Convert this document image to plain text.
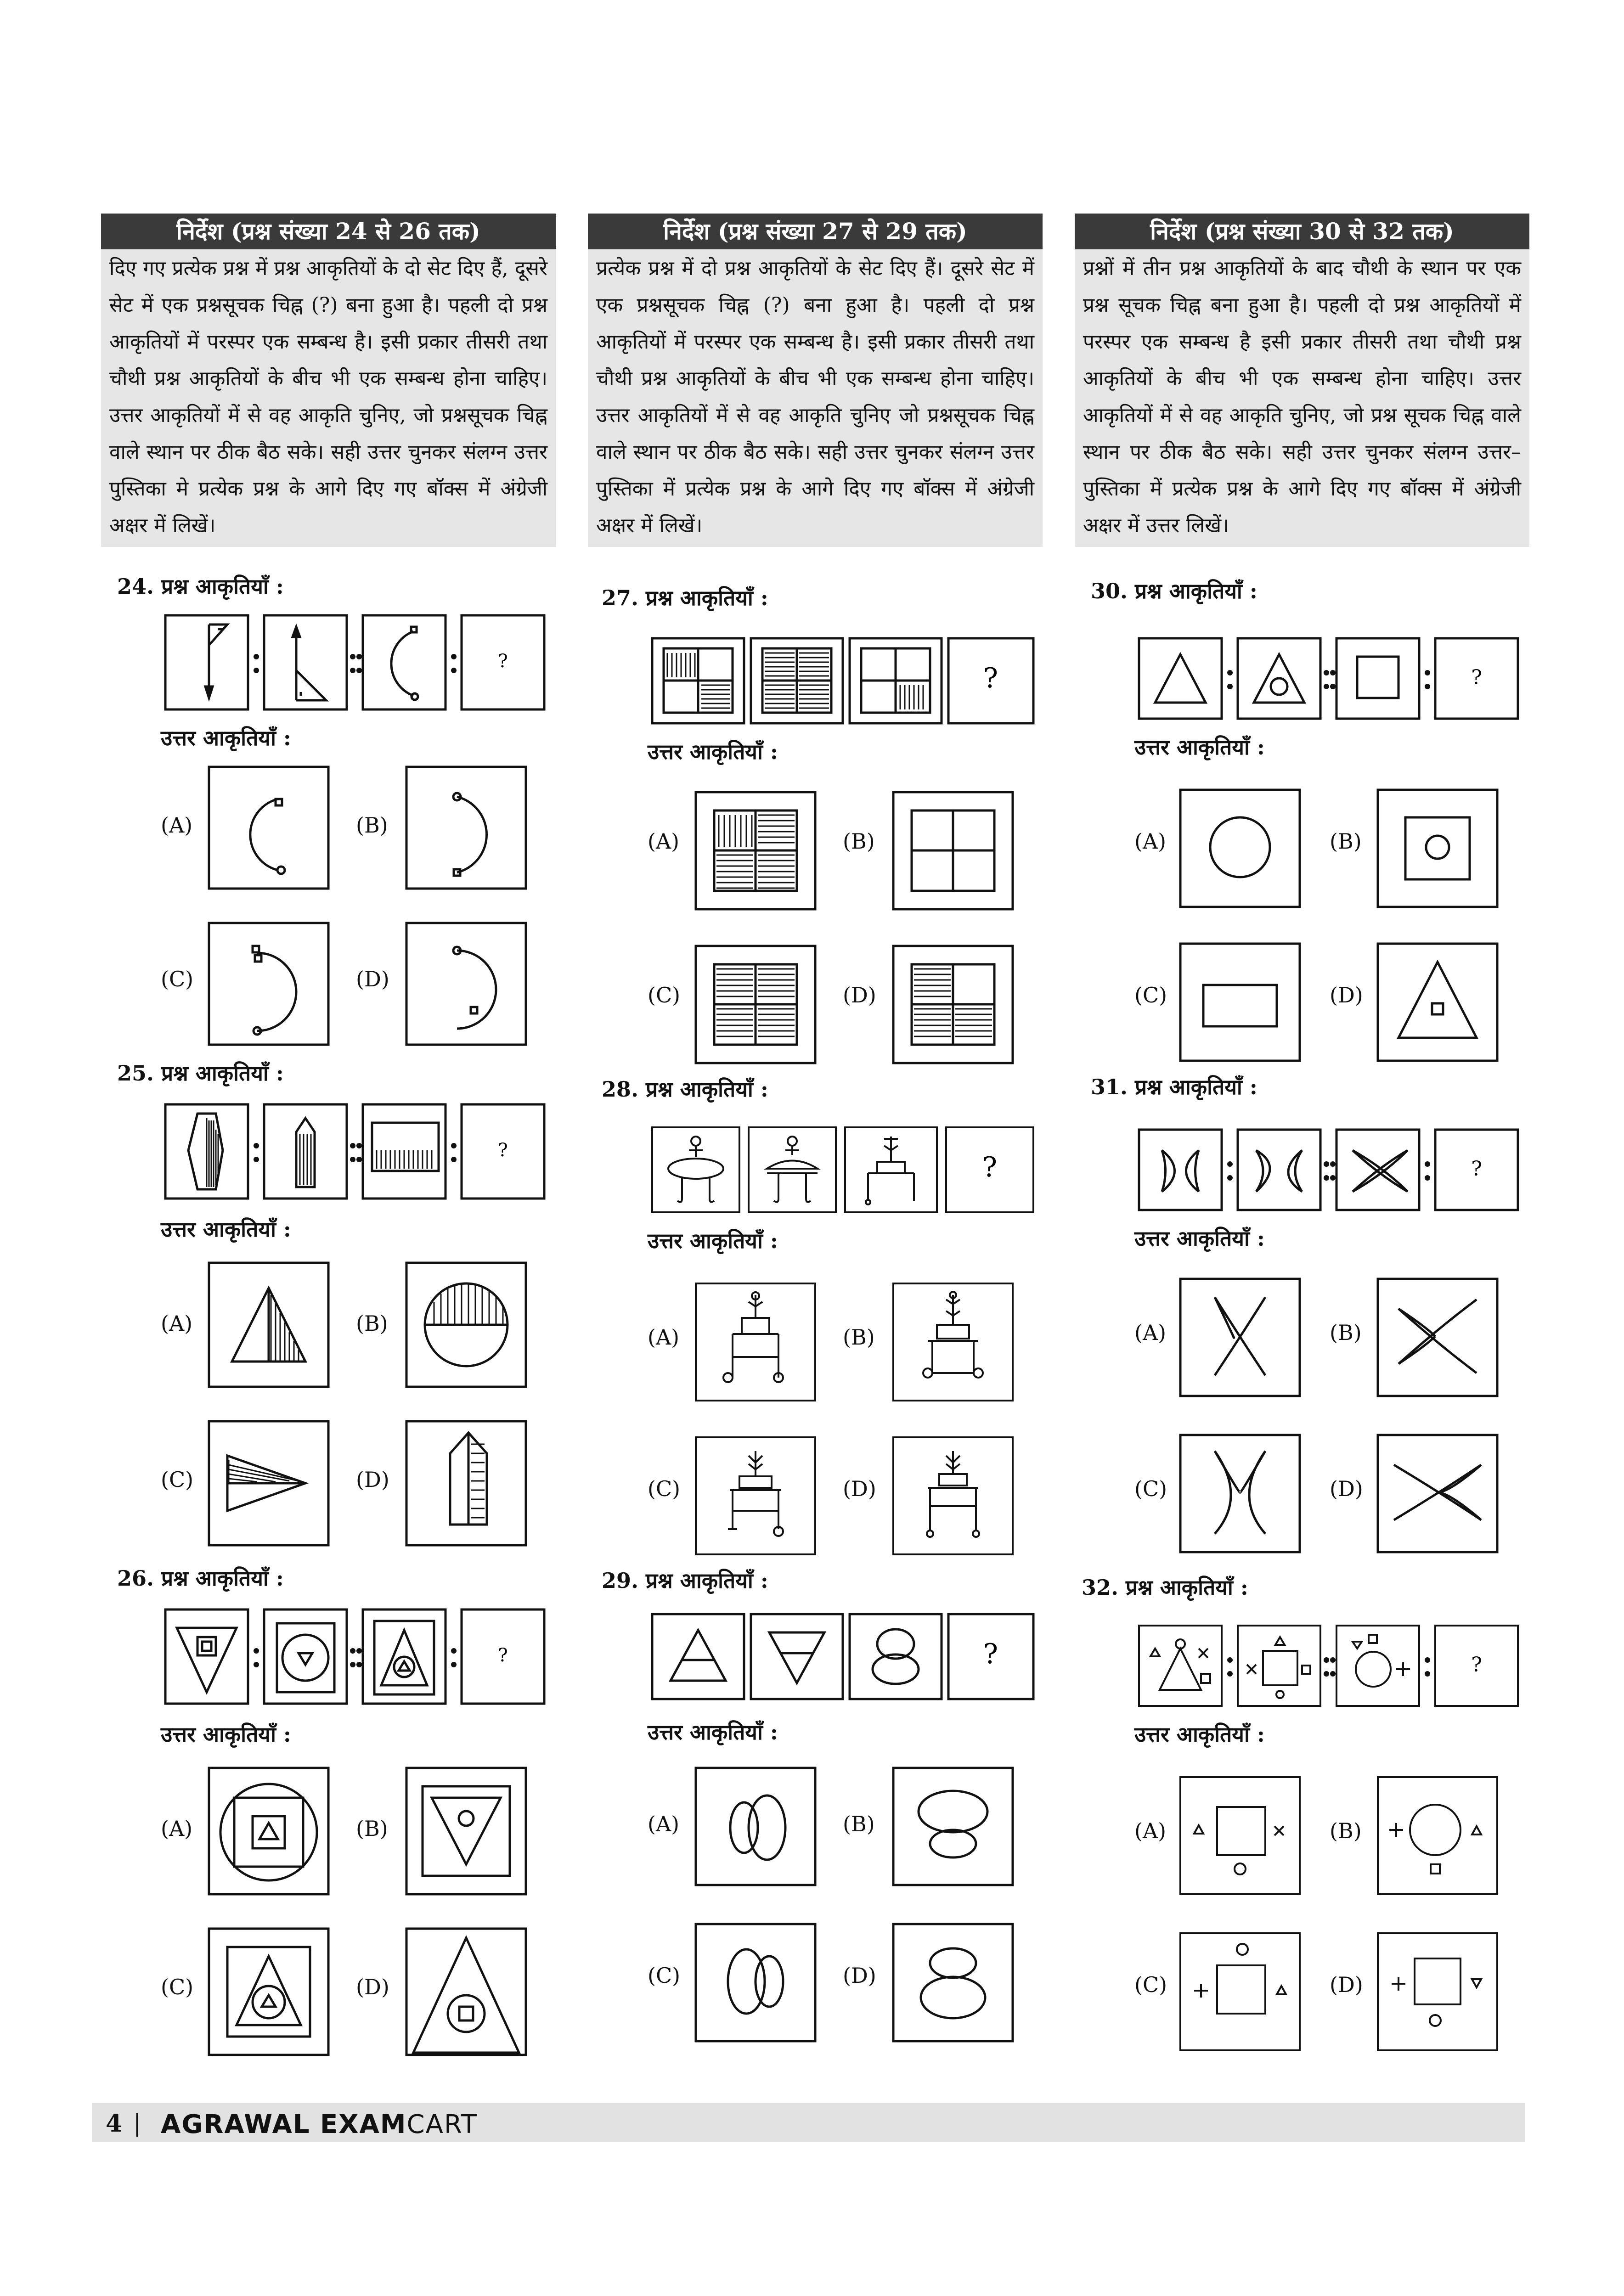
निर्देश (प्रश्न संख्या 24 से 26 तक)
दिए गए प्रत्येक प्रश्न में प्रश्न आकृतियों के दो सेट दिए हैं, दूसरे सेट में एक प्रश्नसूचक चिह्न (?) बना हुआ है। पहली दो प्रश्न आकृतियों में परस्पर एक सम्बन्ध है। इसी प्रकार तीसरी तथा चौथी प्रश्न आकृतियों के बीच भी एक सम्बन्ध होना चाहिए। उत्तर आकृतियों में से वह आकृति चुनिए, जो प्रश्नसूचक चिह्न वाले स्थान पर ठीक बैठ सके। सही उत्तर चुनकर संलग्न उत्तर पुस्तिका मे प्रत्येक प्रश्न के आगे दिए गए बॉक्स में अंग्रेजी अक्षर में लिखें।
निर्देश (प्रश्न संख्या 27 से 29 तक)
प्रत्येक प्रश्न में दो प्रश्न आकृतियों के सेट दिए हैं। दूसरे सेट में एक प्रश्नसूचक चिह्न (?) बना हुआ है। पहली दो प्रश्न आकृतियों में परस्पर एक सम्बन्ध है। इसी प्रकार तीसरी तथा चौथी प्रश्न आकृतियों के बीच भी एक सम्बन्ध होना चाहिए। उत्तर आकृतियों में से वह आकृति चुनिए जो प्रश्नसूचक चिह्न वाले स्थान पर ठीक बैठ सके। सही उत्तर चुनकर संलग्न उत्तर पुस्तिका में प्रत्येक प्रश्न के आगे दिए गए बॉक्स में अंग्रेजी अक्षर में लिखें।
निर्देश (प्रश्न संख्या 30 से 32 तक)
प्रश्नों में तीन प्रश्न आकृतियों के बाद चौथी के स्थान पर एक प्रश्न सूचक चिह्न बना हुआ है। पहली दो प्रश्न आकृतियों में परस्पर एक सम्बन्ध है इसी प्रकार तीसरी तथा चौथी प्रश्न आकृतियों के बीच भी एक सम्बन्ध होना चाहिए। उत्तर आकृतियों में से वह आकृति चुनिए, जो प्रश्न सूचक चिह्न वाले स्थान पर ठीक बैठ सके। सही उत्तर चुनकर संलग्न उत्तर–पुस्तिका में प्रत्येक प्रश्न के आगे दिए गए बॉक्स में अंग्रेजी अक्षर में उत्तर लिखें।
24. प्रश्न आकृतियाँ :
?
उत्तर आकृतियाँ :
(A)	(B)
(C)	(D)
25. प्रश्न आकृतियाँ :
?
उत्तर आकृतियाँ :
(A)	(B)
(C)	(D)
26. प्रश्न आकृतियाँ :
?
उत्तर आकृतियाँ :
(A)	(B)
(C)	(D)
27. प्रश्न आकृतियाँ :
?
उत्तर आकृतियाँ :
(A)	(B)
(C)	(D)
28. प्रश्न आकृतियाँ :
?
उत्तर आकृतियाँ :
(A)	(B)
(C)	(D)
29. प्रश्न आकृतियाँ :
?
उत्तर आकृतियाँ :
(A)	(B)
(C)	(D)
30. प्रश्न आकृतियाँ :
?
उत्तर आकृतियाँ :
(A)	(B)
(C)	(D)
31. प्रश्न आकृतियाँ :
?
उत्तर आकृतियाँ :
(A)	(B)
(C)	(D)
32. प्रश्न आकृतियाँ :
?
उत्तर आकृतियाँ :
(A)	(B)
(C)	(D)
4 | AGRAWAL EXAMCART
